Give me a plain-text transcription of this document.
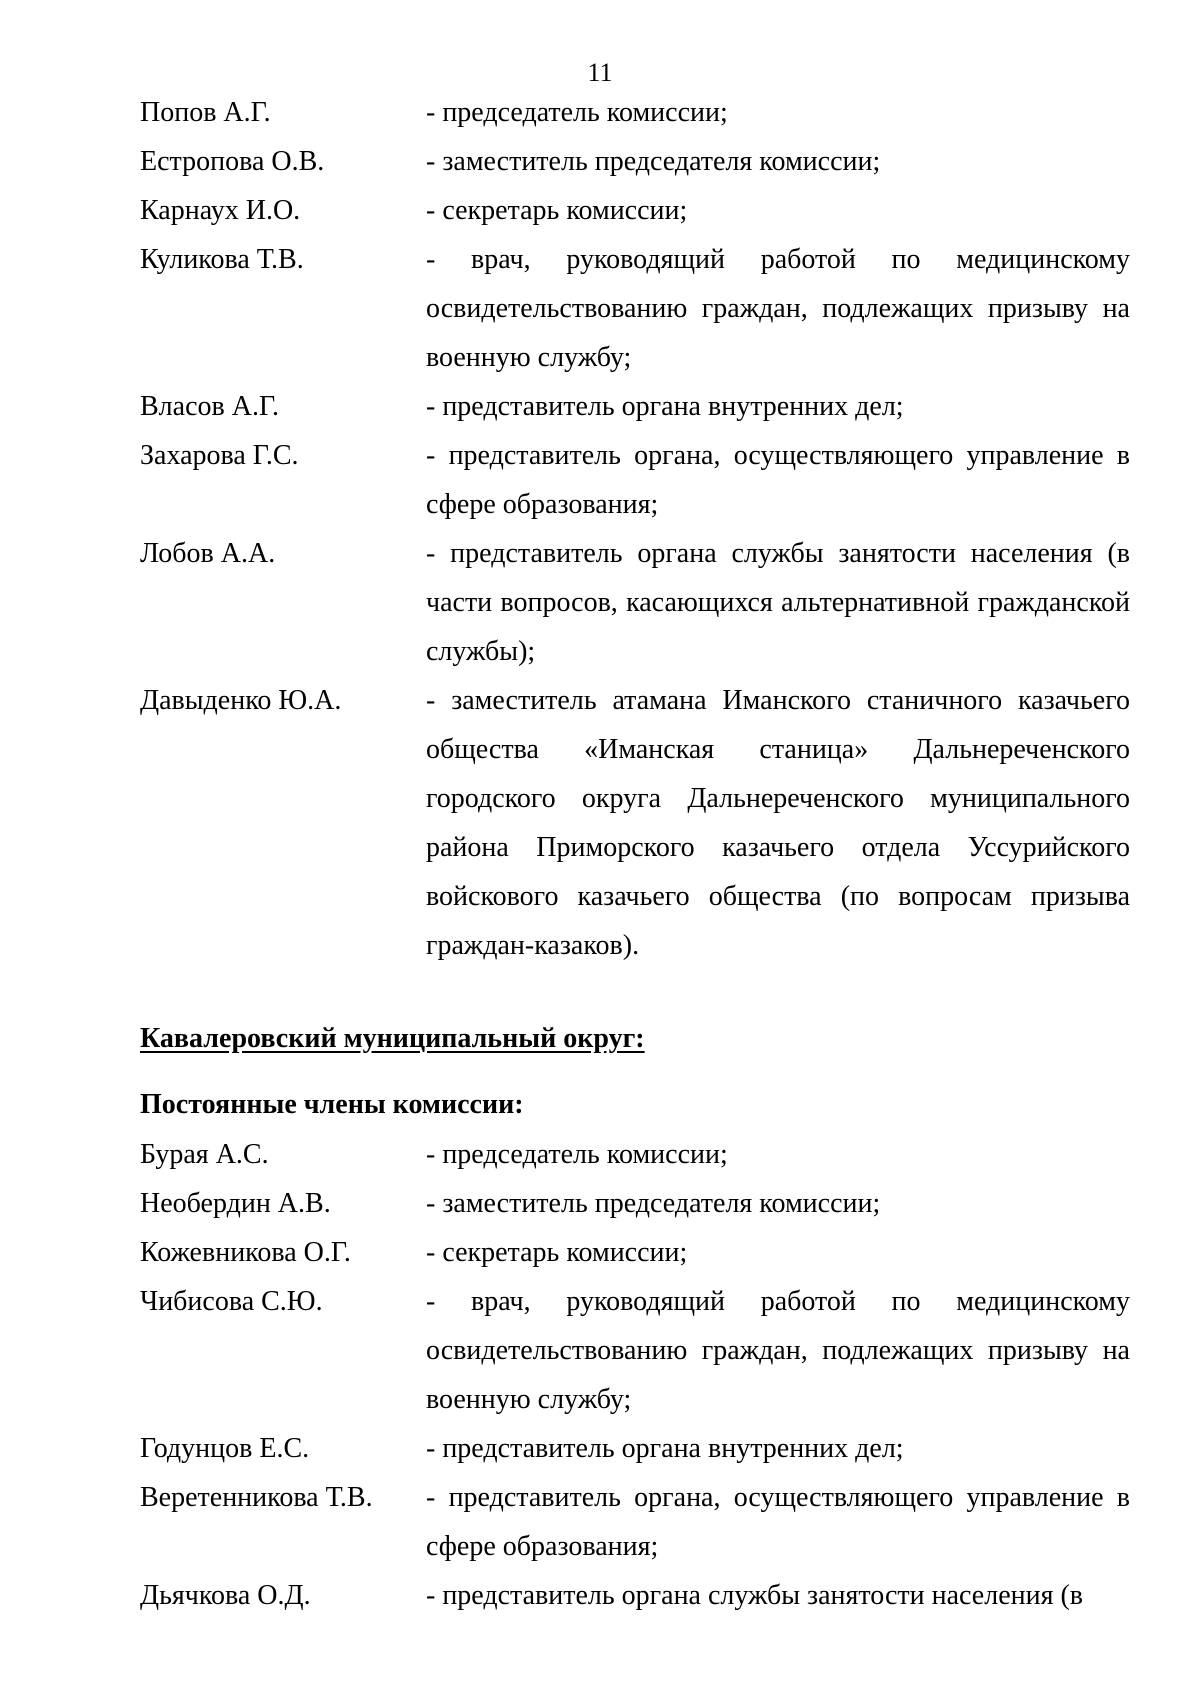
11
Попов А.Г.	- председатель комиссии;
Естропова О.В.	- заместитель председателя комиссии;
Карнаух И.О.	- секретарь комиссии;
Куликова Т.В.	- врач, руководящий работой по медицинскому освидетельствованию граждан, подлежащих призыву на военную службу;
Власов А.Г.	- представитель органа внутренних дел;
Захарова Г.С.	- представитель органа, осуществляющего управление в сфере образования;
Лобов А.А.	- представитель органа службы занятости населения (в части вопросов, касающихся альтернативной гражданской службы);
Давыденко Ю.А.	- заместитель атамана Иманского станичного казачьего общества «Иманская станица» Дальнереченского городского округа Дальнереченского муниципального района Приморского казачьего отдела Уссурийского войскового казачьего общества (по вопросам призыва граждан-казаков).
Кавалеровский муниципальный округ:
Постоянные члены комиссии:
Бурая А.С.	- председатель комиссии;
Необердин А.В.	- заместитель председателя комиссии;
Кожевникова О.Г.	- секретарь комиссии;
Чибисова С.Ю.	- врач, руководящий работой по медицинскому освидетельствованию граждан, подлежащих призыву на военную службу;
Годунцов Е.С.	- представитель органа внутренних дел;
Веретенникова Т.В.	- представитель органа, осуществляющего управление в сфере образования;
Дьячкова О.Д.	- представитель органа службы занятости населения (в
